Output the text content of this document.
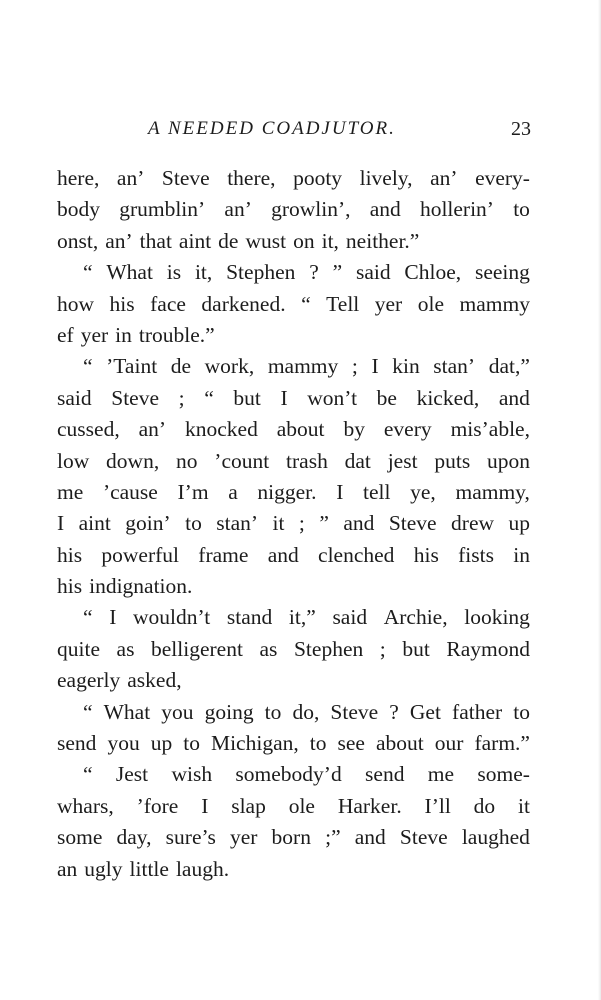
A NEEDED COADJUTOR.	23
here, an’ Steve there, pooty lively, an’ every-
body grumblin’ an’ growlin’, and hollerin’ to
onst, an’ that aint de wust on it, neither.”
“ What is it, Stephen ? ” said Chloe, seeing
how his face darkened. “ Tell yer ole mammy
ef yer in trouble.”
“ ’Taint de work, mammy ; I kin stan’ dat,”
said Steve ; “ but I won’t be kicked, and
cussed, an’ knocked about by every mis’able,
low down, no ’count trash dat jest puts upon
me ’cause I’m a nigger. I tell ye, mammy,
I aint goin’ to stan’ it ; ” and Steve drew up
his powerful frame and clenched his fists in
his indignation.
“ I wouldn’t stand it,” said Archie, looking
quite as belligerent as Stephen ; but Raymond
eagerly asked,
“ What you going to do, Steve ? Get father to
send you up to Michigan, to see about our farm.”
“ Jest wish somebody’d send me some-
whars, ’fore I slap ole Harker. I’ll do it
some day, sure’s yer born ;” and Steve laughed
an ugly little laugh.
